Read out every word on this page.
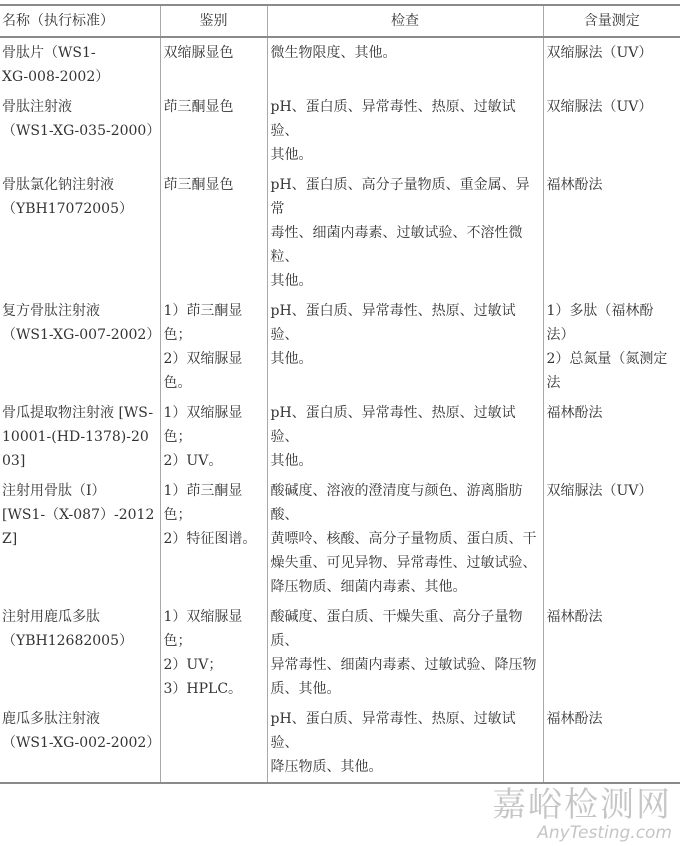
名称（执行标准）	鉴别	检查	含量测定
骨肽片（WS1-
XG-008-2002）	双缩脲显色	微生物限度、其他。	双缩脲法（UV）
骨肽注射液
（WS1-XG-035-2000）	茚三酮显色	pH、蛋白质、异常毒性、热原、过敏试验、
其他。	双缩脲法（UV）
骨肽氯化钠注射液
（YBH17072005）	茚三酮显色	pH、蛋白质、高分子量物质、重金属、异常
毒性、细菌内毒素、过敏试验、不溶性微粒、
其他。	福林酚法
复方骨肽注射液
（WS1-XG-007-2002）	1）茚三酮显色；
2）双缩脲显色。	pH、蛋白质、异常毒性、热原、过敏试验、
其他。	1）多肽（福林酚法）
2）总氮量（氮测定法
骨瓜提取物注射液 [WS-
10001-(HD-1378)-2003]	1）双缩脲显色；
2）UV。	pH、蛋白质、异常毒性、热原、过敏试验、
其他。	福林酚法
注射用骨肽（I）
[WS1-（X-087）-2012Z]	1）茚三酮显色；
2）特征图谱。	酸碱度、溶液的澄清度与颜色、游离脂肪酸、
黄嘌呤、核酸、高分子量物质、蛋白质、干
燥失重、可见异物、异常毒性、过敏试验、
降压物质、细菌内毒素、其他。	双缩脲法（UV）
注射用鹿瓜多肽
（YBH12682005）	1）双缩脲显色；
2）UV；
3）HPLC。	酸碱度、蛋白质、干燥失重、高分子量物质、
异常毒性、细菌内毒素、过敏试验、降压物
质、其他。	福林酚法
鹿瓜多肽注射液
（WS1-XG-002-2002）		pH、蛋白质、异常毒性、热原、过敏试验、
降压物质、其他。	福林酚法
嘉峪检测网
AnyTesting.com
